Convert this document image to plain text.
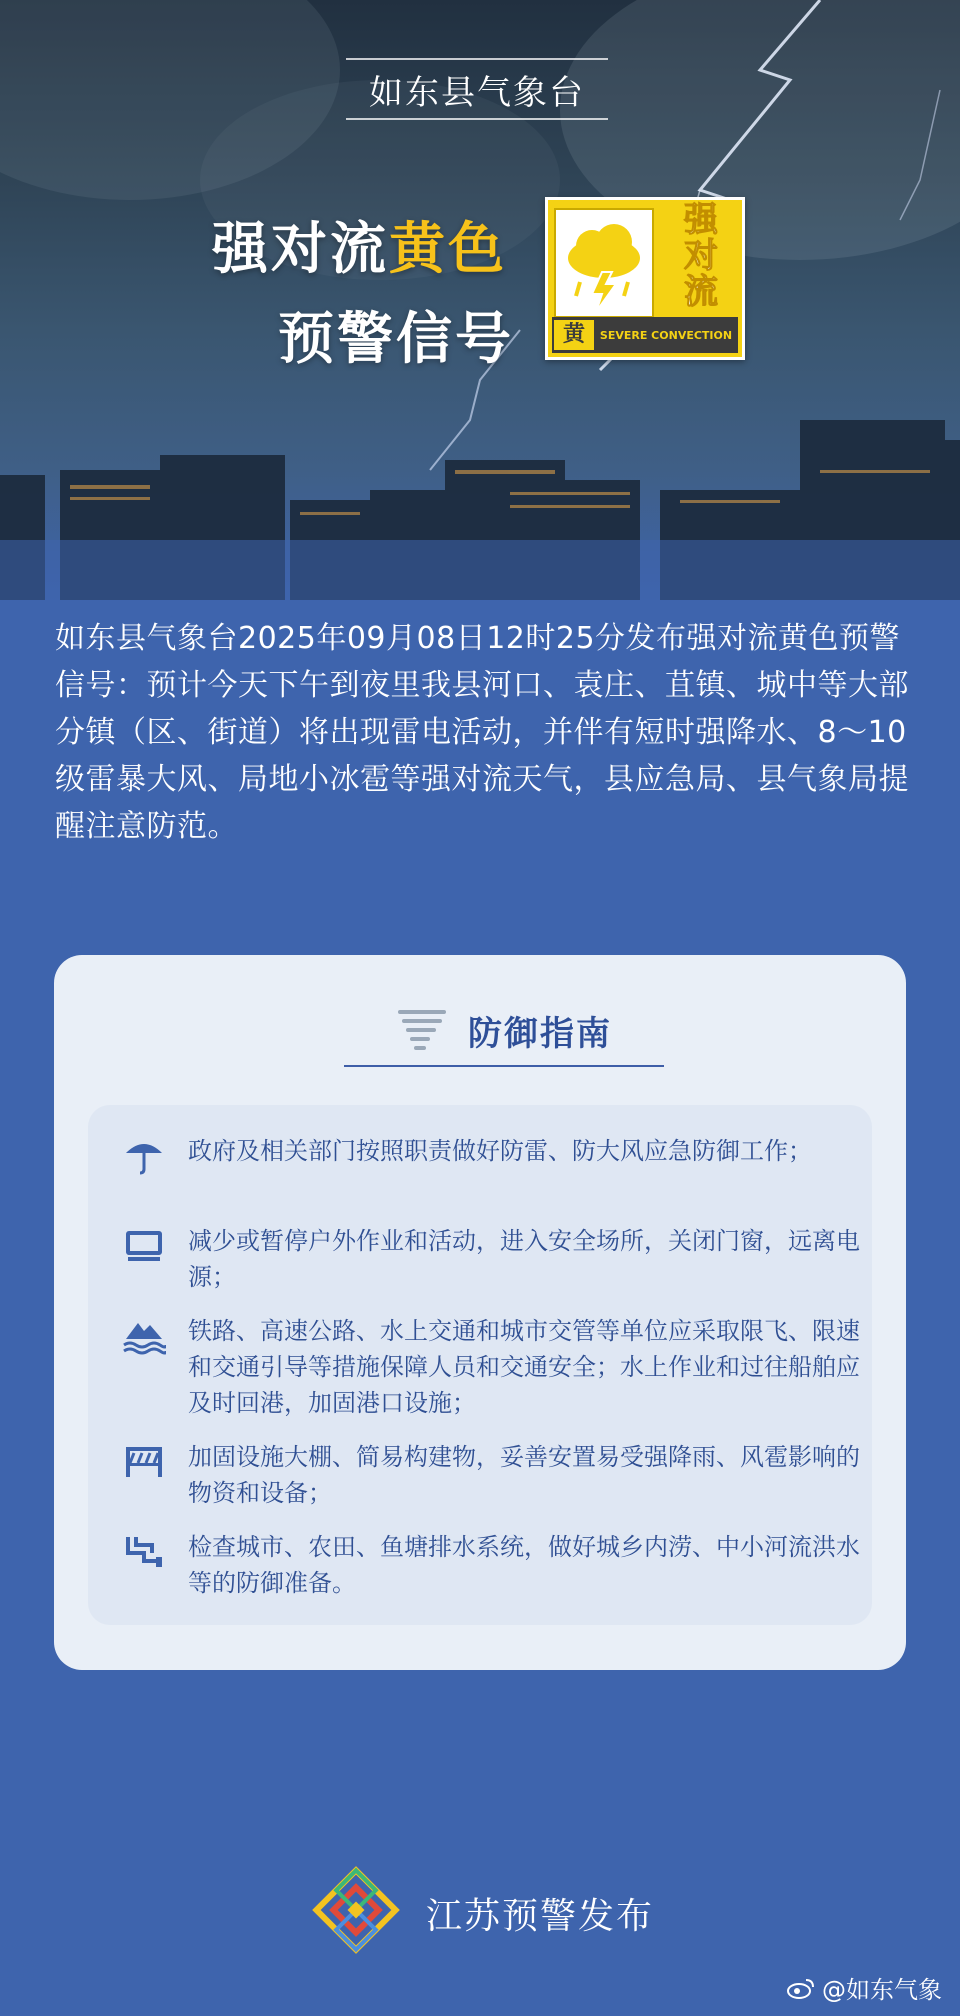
如东县气象台
强对流黄色
预警信号
强
对
流
黄	SEVERE CONVECTION
如东县气象台2025年09月08日12时25分发布强对流黄色预警信号：预计今天下午到夜里我县河口、袁庄、苴镇、城中等大部分镇（区、街道）将出现雷电活动，并伴有短时强降水、8～10级雷暴大风、局地小冰雹等强对流天气，县应急局、县气象局提醒注意防范。
防御指南
政府及相关部门按照职责做好防雷、防大风应急防御工作；
减少或暂停户外作业和活动，进入安全场所，关闭门窗，远离电源；
铁路、高速公路、水上交通和城市交管等单位应采取限飞、限速和交通引导等措施保障人员和交通安全；水上作业和过往船舶应及时回港，加固港口设施；
加固设施大棚、简易构建物，妥善安置易受强降雨、风雹影响的物资和设备；
检查城市、农田、鱼塘排水系统，做好城乡内涝、中小河流洪水等的防御准备。
江苏预警发布
@如东气象
